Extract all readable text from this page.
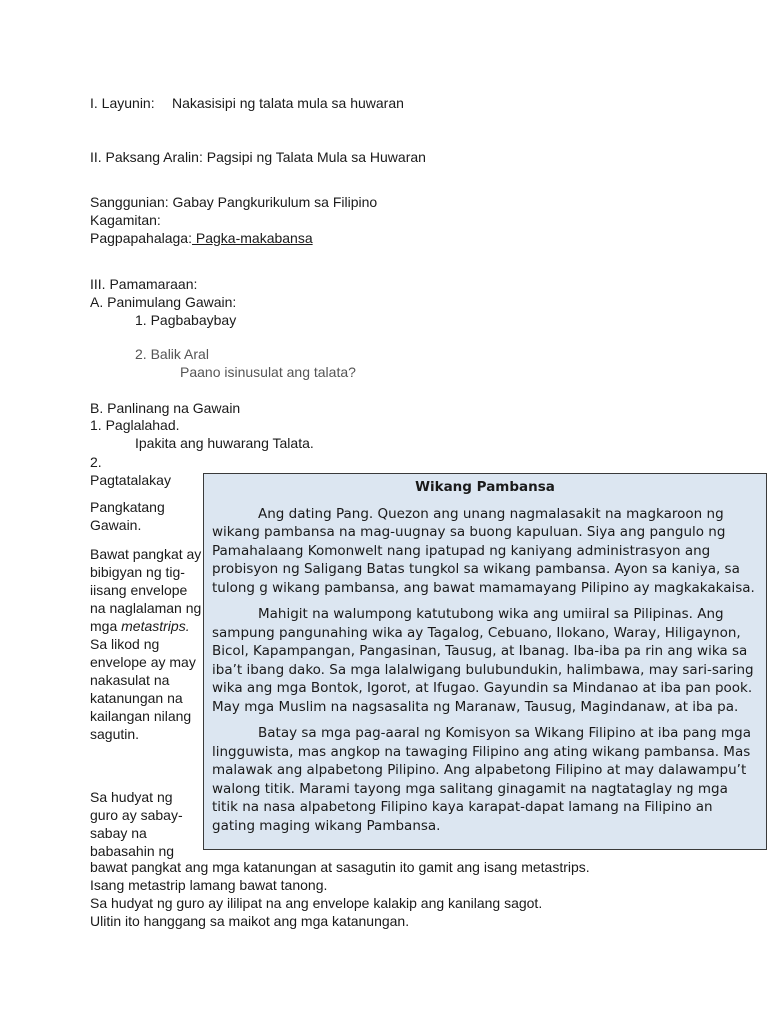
I. Layunin: Nakasisipi ng talata mula sa huwaran
II. Paksang Aralin: Pagsipi ng Talata Mula sa Huwaran
Sanggunian: Gabay Pangkurikulum sa Filipino
Kagamitan:
Pagpapahalaga: Pagka-makabansa
III. Pamamaraan:
A. Panimulang Gawain:
1. Pagbabaybay
2. Balik Aral
Paano isinusulat ang talata?
B. Panlinang na Gawain
1. Paglalahad.
Ipakita ang huwarang Talata.
2.
Pagtatalakay
Pangkatang Gawain.
Bawat pangkat ay bibigyan ng tig-iisang envelope na naglalaman ng mga metastrips. Sa likod ng envelope ay may nakasulat na katanungan na kailangan nilang sagutin.
Sa hudyat ng guro ay sabay-sabay na babasahin ng
bawat pangkat ang mga katanungan at sasagutin ito gamit ang isang metastrips.
Isang metastrip lamang bawat tanong.
Sa hudyat ng guro ay ililipat na ang envelope kalakip ang kanilang sagot.
Ulitin ito hanggang sa maikot ang mga katanungan.
Wikang Pambansa

Ang dating Pang. Quezon ang unang nagmalasakit na magkaroon ng wikang pambansa na mag-uugnay sa buong kapuluan. Siya ang pangulo ng Pamahalaang Komonwelt nang ipatupad ng kaniyang administrasyon ang probisyon ng Saligang Batas tungkol sa wikang pambansa. Ayon sa kaniya, sa tulong g wikang pambansa, ang bawat mamamayang Pilipino ay magkakakaisa.

Mahigit na walumpong katutubong wika ang umiiral sa Pilipinas. Ang sampung pangunahing wika ay Tagalog, Cebuano, Ilokano, Waray, Hiligaynon, Bicol, Kapampangan, Pangasinan, Tausug, at Ibanag. Iba-iba pa rin ang wika sa iba’t ibang dako. Sa mga lalalwigang bulubundukin, halimbawa, may sari-saring wika ang mga Bontok, Igorot, at Ifugao. Gayundin sa Mindanao at iba pan pook. May mga Muslim na nagsasalita ng Maranaw, Tausug, Magindanaw, at iba pa.

Batay sa mga pag-aaral ng Komisyon sa Wikang Filipino at iba pang mga lingguwista, mas angkop na tawaging Filipino ang ating wikang pambansa. Mas malawak ang alpabetong Pilipino. Ang alpabetong Filipino at may dalawampu’t walong titik. Marami tayong mga salitang ginagamit na nagtataglay ng mga titik na nasa alpabetong Filipino kaya karapat-dapat lamang na Filipino an gating maging wikang Pambansa.
